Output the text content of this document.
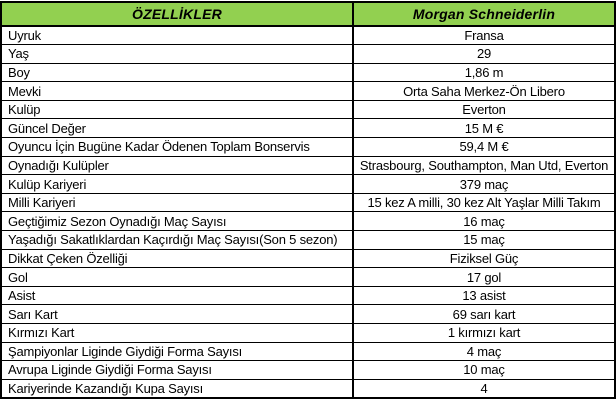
ÖZELLİKLER	Morgan Schneiderlin
Uyruk	Fransa
Yaş	29
Boy	1,86 m
Mevki	Orta Saha Merkez-Ön Libero
Kulüp	Everton
Güncel Değer	15 M €
Oyuncu İçin Bugüne Kadar Ödenen Toplam Bonservis	59,4 M €
Oynadığı Kulüpler	Strasbourg, Southampton, Man Utd, Everton
Kulüp Kariyeri	379 maç
Milli Kariyeri	15 kez A milli, 30 kez Alt Yaşlar Milli Takım
Geçtiğimiz Sezon Oynadığı Maç Sayısı	16 maç
Yaşadığı Sakatlıklardan Kaçırdığı Maç Sayısı(Son 5 sezon)	15 maç
Dikkat Çeken Özelliği	Fiziksel Güç
Gol	17 gol
Asist	13 asist
Sarı Kart	69 sarı kart
Kırmızı Kart	1 kırmızı kart
Şampiyonlar Liginde Giydiği Forma Sayısı	4 maç
Avrupa Liginde Giydiği Forma Sayısı	10 maç
Kariyerinde Kazandığı Kupa Sayısı	4
